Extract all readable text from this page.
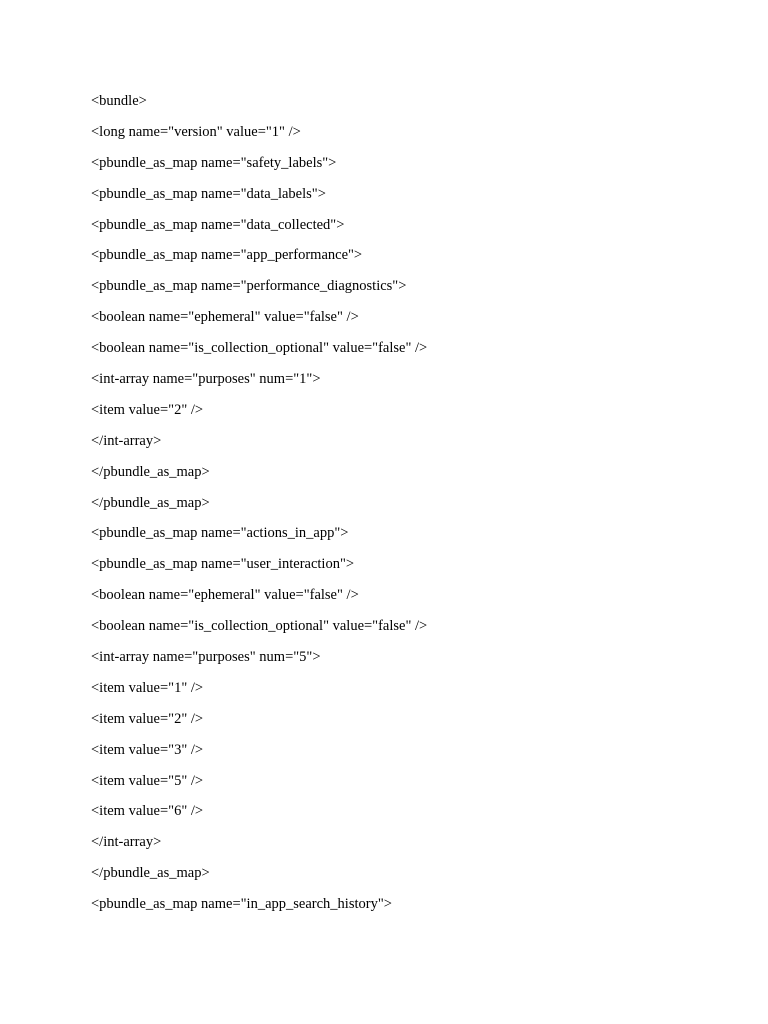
<bundle>
<long name="version" value="1" />
<pbundle_as_map name="safety_labels">
<pbundle_as_map name="data_labels">
<pbundle_as_map name="data_collected">
<pbundle_as_map name="app_performance">
<pbundle_as_map name="performance_diagnostics">
<boolean name="ephemeral" value="false" />
<boolean name="is_collection_optional" value="false" />
<int-array name="purposes" num="1">
<item value="2" />
</int-array>
</pbundle_as_map>
</pbundle_as_map>
<pbundle_as_map name="actions_in_app">
<pbundle_as_map name="user_interaction">
<boolean name="ephemeral" value="false" />
<boolean name="is_collection_optional" value="false" />
<int-array name="purposes" num="5">
<item value="1" />
<item value="2" />
<item value="3" />
<item value="5" />
<item value="6" />
</int-array>
</pbundle_as_map>
<pbundle_as_map name="in_app_search_history">
